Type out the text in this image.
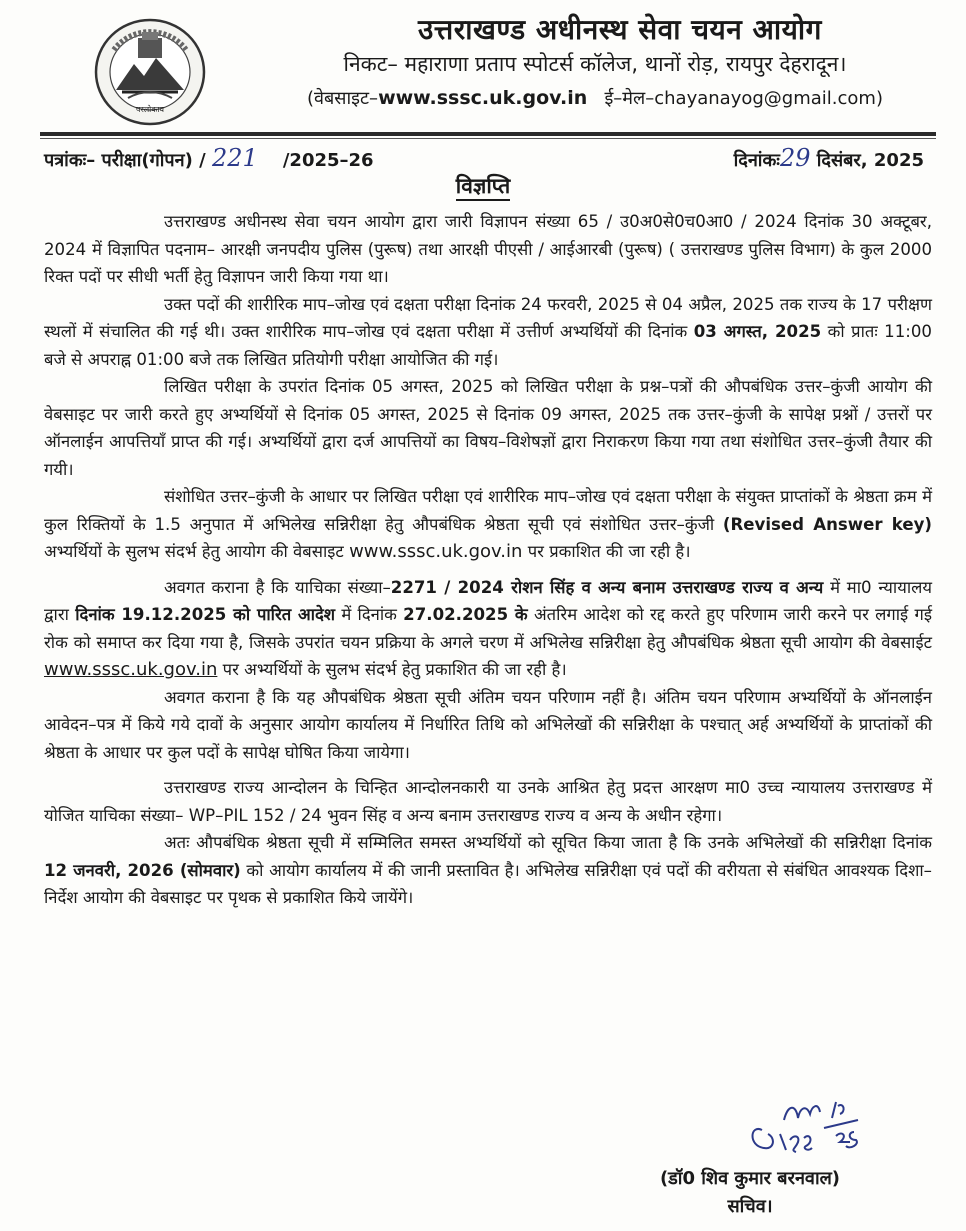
परलोकाय
उत्तराखण्ड अधीनस्थ सेवा चयन आयोग
निकट– महाराणा प्रताप स्पोटर्स कॉलेज, थानों रोड़, रायपुर देहरादून।
(वेबसाइट–www.sssc.uk.gov.in ई–मेल–chayanayog@gmail.com)
पत्रांकः– परीक्षा(गोपन) / 221 /2025–26	दिनांकः29 दिसंबर, 2025
विज्ञप्ति

उत्तराखण्ड अधीनस्थ सेवा चयन आयोग द्वारा जारी विज्ञापन संख्या 65 / उ0अ0से0च0आ0 / 2024 दिनांक 30 अक्टूबर, 2024 में विज्ञापित पदनाम– आरक्षी जनपदीय पुलिस (पुरूष) तथा आरक्षी पीएसी / आईआरबी (पुरूष) ( उत्तराखण्ड पुलिस विभाग) के कुल 2000 रिक्त पदों पर सीधी भर्ती हेतु विज्ञापन जारी किया गया था।

उक्त पदों की शारीरिक माप–जोख एवं दक्षता परीक्षा दिनांक 24 फरवरी, 2025 से 04 अप्रैल, 2025 तक राज्य के 17 परीक्षण स्थलों में संचालित की गई थी। उक्त शारीरिक माप–जोख एवं दक्षता परीक्षा में उत्तीर्ण अभ्यर्थियों की दिनांक 03 अगस्त, 2025 को प्रातः 11:00 बजे से अपराह्न 01:00 बजे तक लिखित प्रतियोगी परीक्षा आयोजित की गई।

लिखित परीक्षा के उपरांत दिनांक 05 अगस्त, 2025 को लिखित परीक्षा के प्रश्न–पत्रों की औपबंधिक उत्तर–कुंजी आयोग की वेबसाइट पर जारी करते हुए अभ्यर्थियों से दिनांक 05 अगस्त, 2025 से दिनांक 09 अगस्त, 2025 तक उत्तर–कुंजी के सापेक्ष प्रश्नों / उत्तरों पर ऑनलाईन आपत्तियाँ प्राप्त की गई। अभ्यर्थियों द्वारा दर्ज आपत्तियों का विषय–विशेषज्ञों द्वारा निराकरण किया गया तथा संशोधित उत्तर–कुंजी तैयार की गयी।

संशोधित उत्तर–कुंजी के आधार पर लिखित परीक्षा एवं शारीरिक माप–जोख एवं दक्षता परीक्षा के संयुक्त प्राप्तांकों के श्रेष्ठता क्रम में कुल रिक्तियों के 1.5 अनुपात में अभिलेख सन्निरीक्षा हेतु औपबंधिक श्रेष्ठता सूची एवं संशोधित उत्तर–कुंजी (Revised Answer key) अभ्यर्थियों के सुलभ संदर्भ हेतु आयोग की वेबसाइट www.sssc.uk.gov.in पर प्रकाशित की जा रही है।

अवगत कराना है कि याचिका संख्या–2271 / 2024 रोशन सिंह व अन्य बनाम उत्तराखण्ड राज्य व अन्य में मा0 न्यायालय द्वारा दिनांक 19.12.2025 को पारित आदेश में दिनांक 27.02.2025 के अंतरिम आदेश को रद्द करते हुए परिणाम जारी करने पर लगाई गई रोक को समाप्त कर दिया गया है, जिसके उपरांत चयन प्रक्रिया के अगले चरण में अभिलेख सन्निरीक्षा हेतु औपबंधिक श्रेष्ठता सूची आयोग की वेबसाईट www.sssc.uk.gov.in पर अभ्यर्थियों के सुलभ संदर्भ हेतु प्रकाशित की जा रही है।

अवगत कराना है कि यह औपबंधिक श्रेष्ठता सूची अंतिम चयन परिणाम नहीं है। अंतिम चयन परिणाम अभ्यर्थियों के ऑनलाईन आवेदन–पत्र में किये गये दावों के अनुसार आयोग कार्यालय में निर्धारित तिथि को अभिलेखों की सन्निरीक्षा के पश्चात् अर्ह अभ्यर्थियों के प्राप्तांकों की श्रेष्ठता के आधार पर कुल पदों के सापेक्ष घोषित किया जायेगा।

उत्तराखण्ड राज्य आन्दोलन के चिन्हित आन्दोलनकारी या उनके आश्रित हेतु प्रदत्त आरक्षण मा0 उच्च न्यायालय उत्तराखण्ड में योजित याचिका संख्या– WP–PIL 152 / 24 भुवन सिंह व अन्य बनाम उत्तराखण्ड राज्य व अन्य के अधीन रहेगा।

अतः औपबंधिक श्रेष्ठता सूची में सम्मिलित समस्त अभ्यर्थियों को सूचित किया जाता है कि उनके अभिलेखों की सन्निरीक्षा दिनांक 12 जनवरी, 2026 (सोमवार) को आयोग कार्यालय में की जानी प्रस्तावित है। अभिलेख सन्निरीक्षा एवं पदों की वरीयता से संबंधित आवश्यक दिशा–निर्देश आयोग की वेबसाइट पर पृथक से प्रकाशित किये जायेंगे।

(डॉ0 शिव कुमार बरनवाल)
सचिव।
